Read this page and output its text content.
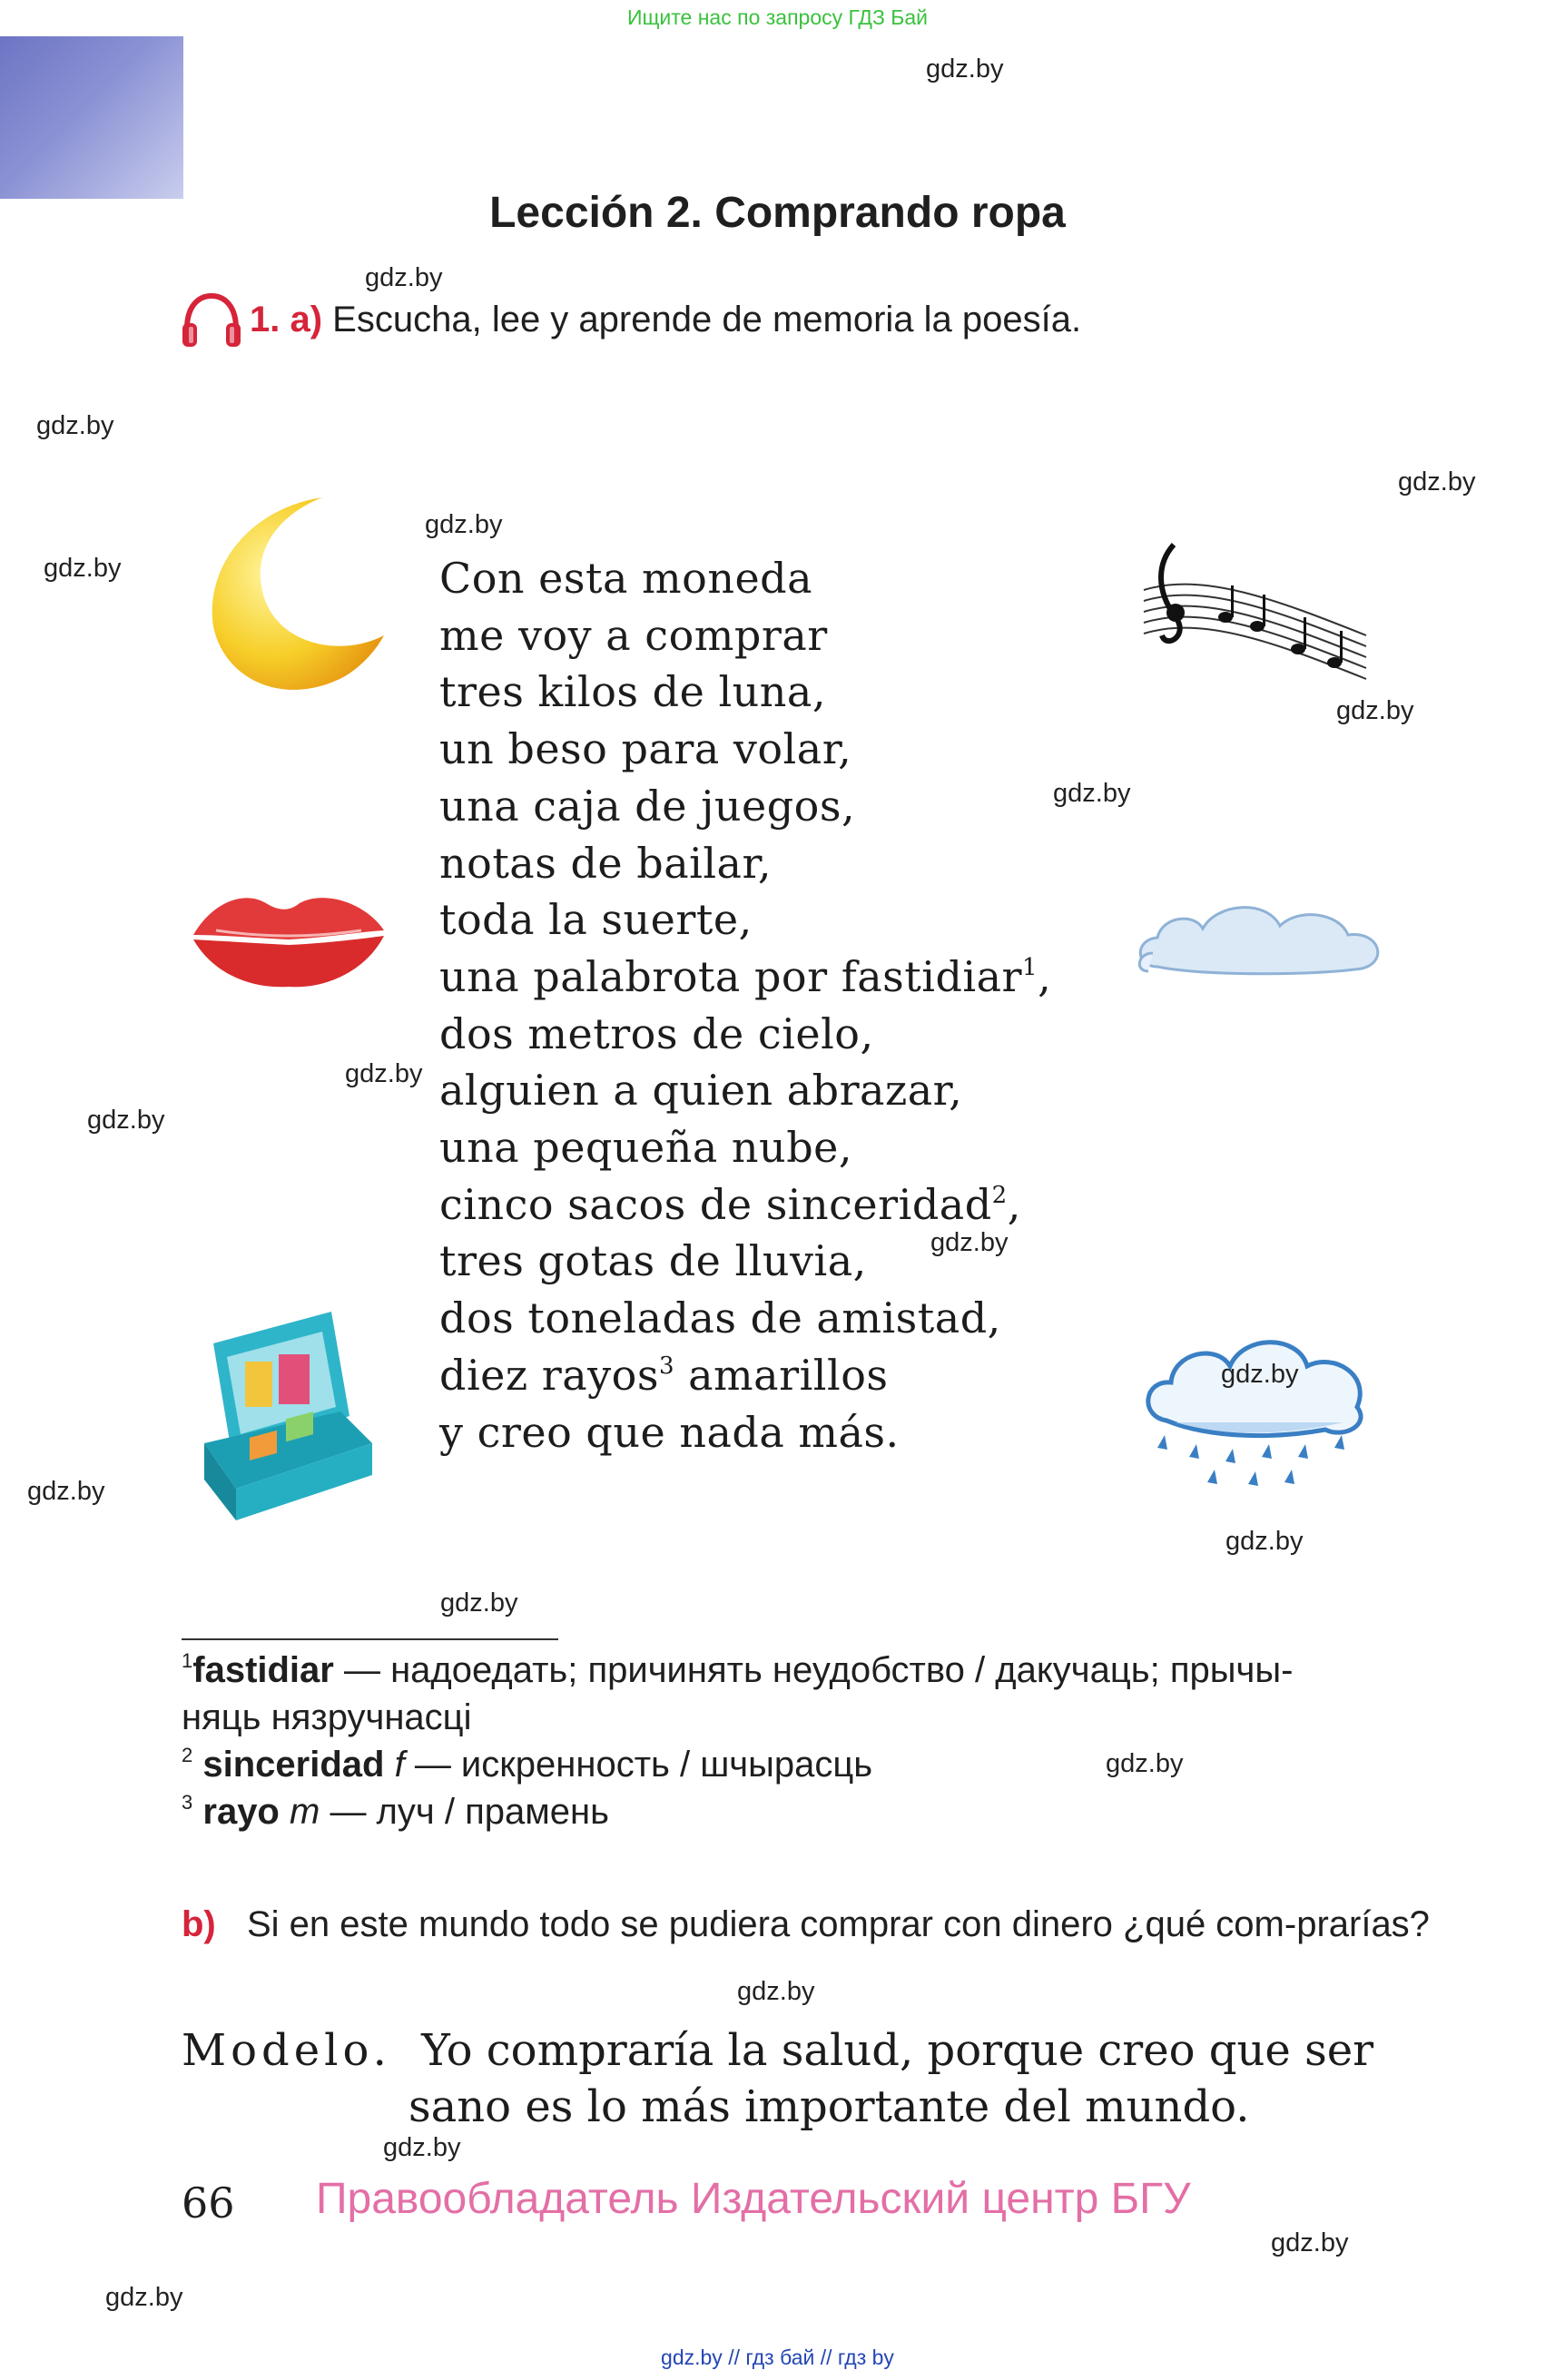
Ищите нас по запросу ГДЗ Бай
Lección 2. Comprando ropa
1. a) Escucha, lee y aprende de memoria la poesía.
Con esta moneda
me voy a comprar
tres kilos de luna,
un beso para volar,
una caja de juegos,
notas de bailar,
toda la suerte,
una palabrota por fastidiar$^1$,
dos metros de cielo,
alguien a quien abrazar,
una pequeña nube,
cinco sacos de sinceridad$^2$,
tres gotas de lluvia,
dos toneladas de amistad,
diez rayos$^3$ amarillos
y creo que nada más.
$^1$fastidiar — надоедать; причинять неудобство / дакучаць; прычы-
няць нязручнасці
$^2$ sinceridad f — искренность / шчырасць
$^3$ rayo m — луч / прамень
b) Si en este mundo todo se pudiera comprar con dinero ¿qué com-prarías?
Modelo. Yo compraría la salud, porque creo que ser
sano es lo más importante del mundo.
66 Правообладатель Издательский центр БГУ
gdz.by // гдз бай // гдз by
gdz.by
gdz.by
gdz.by
gdz.by
gdz.by
gdz.by
gdz.by
gdz.by
gdz.by
gdz.by
gdz.by
gdz.by
gdz.by
gdz.by
gdz.by
gdz.by
gdz.by
gdz.by
gdz.by
gdz.by
